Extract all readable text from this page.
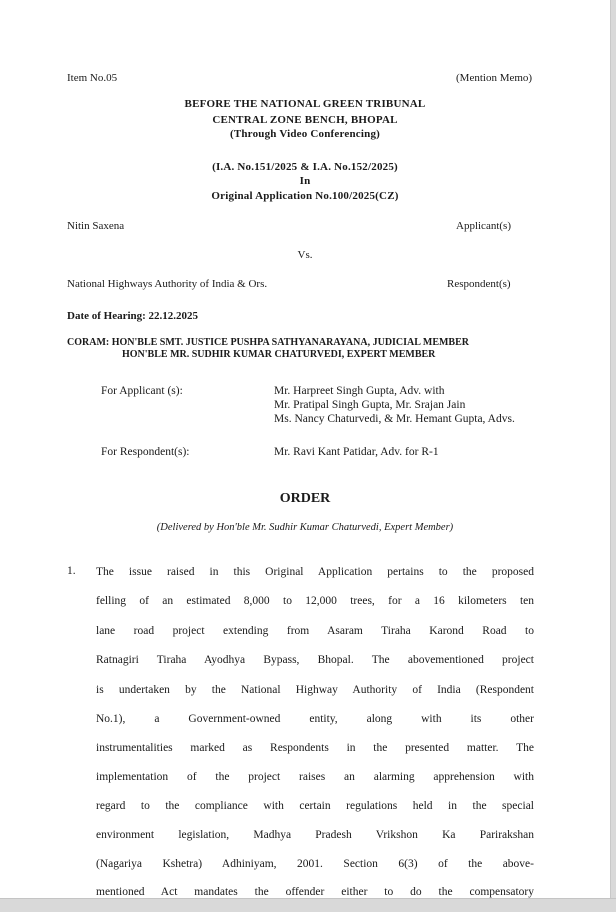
Item No.05	(Mention Memo)
BEFORE THE NATIONAL GREEN TRIBUNAL
CENTRAL ZONE BENCH, BHOPAL
(Through Video Conferencing)
(I.A. No.151/2025 & I.A. No.152/2025)
In
Original Application No.100/2025(CZ)
Nitin Saxena	Applicant(s)
Vs.
National Highways Authority of India & Ors.	Respondent(s)
Date of Hearing: 22.12.2025
CORAM: HON'BLE SMT. JUSTICE PUSHPA SATHYANARAYANA, JUDICIAL MEMBER
HON'BLE MR. SUDHIR KUMAR CHATURVEDI, EXPERT MEMBER
For Applicant (s):	Mr. Harpreet Singh Gupta, Adv. with
Mr. Pratipal Singh Gupta, Mr. Srajan Jain
Ms. Nancy Chaturvedi, & Mr. Hemant Gupta, Advs.
For Respondent(s):	Mr. Ravi Kant Patidar, Adv. for R-1
ORDER
(Delivered by Hon'ble Mr. Sudhir Kumar Chaturvedi, Expert Member)
1. The issue raised in this Original Application pertains to the proposed
felling of an estimated 8,000 to 12,000 trees, for a 16 kilometers ten
lane road project extending from Asaram Tiraha Karond Road to
Ratnagiri Tiraha Ayodhya Bypass, Bhopal. The abovementioned project
is undertaken by the National Highway Authority of India (Respondent
No.1), a Government-owned entity, along with its other
instrumentalities marked as Respondents in the presented matter. The
implementation of the project raises an alarming apprehension with
regard to the compliance with certain regulations held in the special
environment legislation, Madhya Pradesh Vrikshon Ka Parirakshan
(Nagariya Kshetra) Adhiniyam, 2001. Section 6(3) of the above-
mentioned Act mandates the offender either to do the compensatory
